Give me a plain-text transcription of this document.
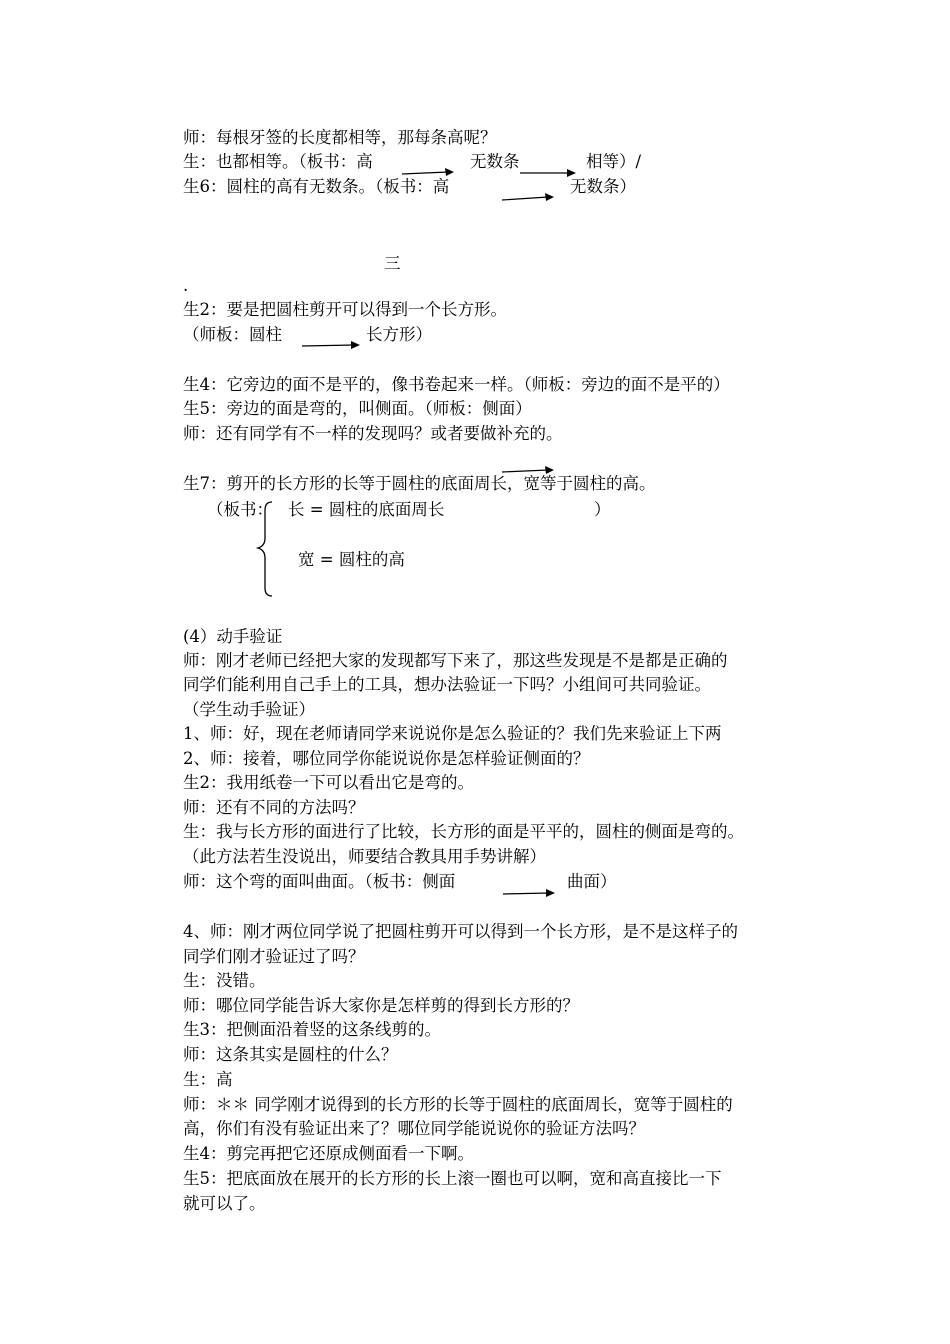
师：每根牙签的长度都相等，那每条高呢？
生：也都相等。（板书：高	无数条	相等）/
生6：圆柱的高有无数条。（板书：高	无数条）
三
.
生2：要是把圆柱剪开可以得到一个长方形。
（师板：圆柱	长方形）
生4：它旁边的面不是平的，像书卷起来一样。（师板：旁边的面不是平的）
生5：旁边的面是弯的，叫侧面。（师板：侧面）
师：还有同学有不一样的发现吗？或者要做补充的。
生7：剪开的长方形的长等于圆柱的底面周长，宽等于圆柱的高。
（板书： 长 = 圆柱的底面周长	）
宽 = 圆柱的高
(4）动手验证
师：刚才老师已经把大家的发现都写下来了，那这些发现是不是都是正确的
同学们能利用自己手上的工具，想办法验证一下吗？小组间可共同验证。
（学生动手验证）
1、师：好，现在老师请同学来说说你是怎么验证的？我们先来验证上下两
2、师：接着，哪位同学你能说说你是怎样验证侧面的？
生2：我用纸卷一下可以看出它是弯的。
师：还有不同的方法吗？
生：我与长方形的面进行了比较，长方形的面是平平的，圆柱的侧面是弯的。
（此方法若生没说出，师要结合教具用手势讲解）
师：这个弯的面叫曲面。（板书：侧面	曲面）
4、师：刚才两位同学说了把圆柱剪开可以得到一个长方形，是不是这样子的
同学们刚才验证过了吗？
生：没错。
师：哪位同学能告诉大家你是怎样剪的得到长方形的？
生3：把侧面沿着竖的这条线剪的。
师：这条其实是圆柱的什么？
生：高
师：＊＊ 同学刚才说得到的长方形的长等于圆柱的底面周长，宽等于圆柱的
高，你们有没有验证出来了？哪位同学能说说你的验证方法吗？
生4：剪完再把它还原成侧面看一下啊。
生5：把底面放在展开的长方形的长上滚一圈也可以啊，宽和高直接比一下
就可以了。
